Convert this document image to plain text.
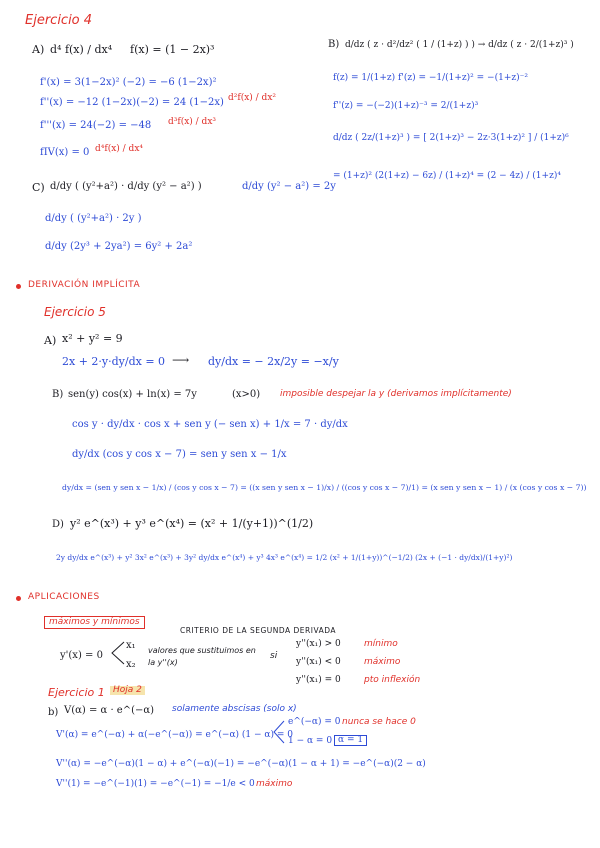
Ejercicio 4
A) d⁴ f(x) / dx⁴ f(x) = (1 − 2x)³
f'(x) = 3(1−2x)² (−2) = −6 (1−2x)²
f''(x) = −12 (1−2x)(−2) = 24 (1−2x) d²f(x) / dx²
f'''(x) = 24(−2) = −48 d³f(x) / dx³
fIV(x) = 0 d⁴f(x) / dx⁴
B) d/dz ( z · d²/dz² ( 1 / (1+z) ) ) → d/dz ( z · 2/(1+z)³ )
f(z) = 1/(1+z) f'(z) = −1/(1+z)² = −(1+z)⁻²
f''(z) = −(−2)(1+z)⁻³ = 2/(1+z)³
d/dz ( 2z/(1+z)³ ) = [ 2(1+z)³ − 2z·3(1+z)² ] / (1+z)⁶
= (1+z)² (2(1+z) − 6z) / (1+z)⁴ = (2 − 4z) / (1+z)⁴
C) d/dy ( (y²+a²) · d/dy (y² − a²) )	d/dy (y² − a²) = 2y
d/dy ( (y²+a²) · 2y )
d/dy (2y³ + 2ya²) = 6y² + 2a²
DERIVACIÓN IMPLÍCITA
Ejercicio 5
A) x² + y² = 9
2x + 2·y·dy/dx = 0 ⟶ dy/dx = − 2x/2y = −x/y
B) sen(y) cos(x) + ln(x) = 7y	(x>0) imposible despejar la y (derivamos implícitamente)
cos y · dy/dx · cos x + sen y (− sen x) + 1/x = 7 · dy/dx
dy/dx (cos y cos x − 7) = sen y sen x − 1/x
dy/dx = (sen y sen x − 1/x) / (cos y cos x − 7) = ((x sen y sen x − 1)/x) / ((cos y cos x − 7)/1) = (x sen y sen x − 1) / (x (cos y cos x − 7))
D) y² e^(x³) + y³ e^(x⁴) = (x² + 1/(y+1))^(1/2)
2y dy/dx e^(x³) + y² 3x² e^(x³) + 3y² dy/dx e^(x⁴) + y³ 4x³ e^(x⁴) = 1/2 (x² + 1/(1+y))^(−1/2) (2x + (−1 · dy/dx)/(1+y)²)
APLICACIONES
máximos y mínimos
CRITERIO DE LA SEGUNDA DERIVADA
y'(x) = 0
x₁
x₂
valores que sustituimos en la y''(x)
si
y''(x₁) > 0	mínimo
y''(x₁) < 0	máximo
y''(x₁) = 0	pto inflexión
Ejercicio 1 Hoja 2
b) V(α) = α · e^(−α) solamente abscisas (solo x)
V'(α) = e^(−α) + α(−e^(−α)) = e^(−α) (1 − α) = 0
e^(−α) = 0 nunca se hace 0
1 − α = 0 α = 1
V''(α) = −e^(−α)(1 − α) + e^(−α)(−1) = −e^(−α)(1 − α + 1) = −e^(−α)(2 − α)
V''(1) = −e^(−1)(1) = −e^(−1) = −1/e < 0 máximo
